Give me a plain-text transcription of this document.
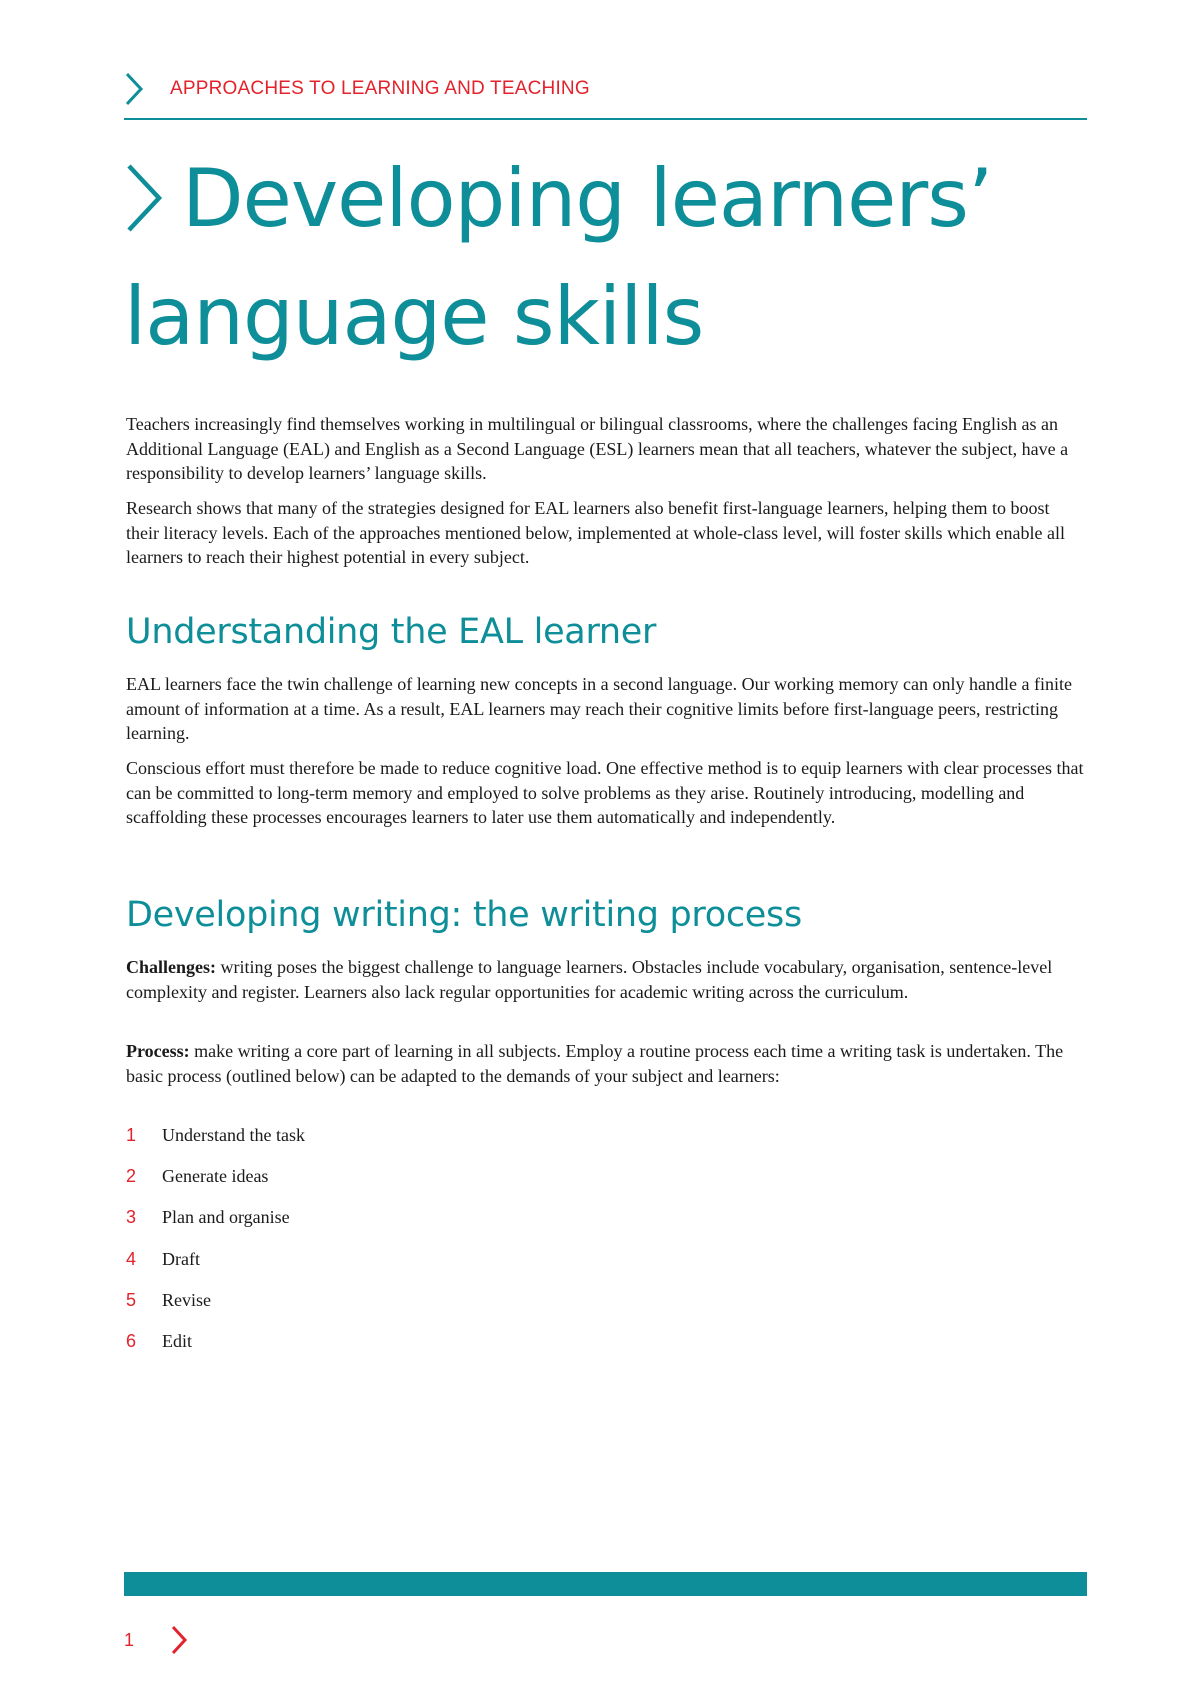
APPROACHES TO LEARNING AND TEACHING
Developing learners’
language skills

Teachers increasingly find themselves working in multilingual or bilingual classrooms, where the challenges facing English as an Additional Language (EAL) and English as a Second Language (ESL) learners mean that all teachers, whatever the subject, have a responsibility to develop learners’ language skills.

Research shows that many of the strategies designed for EAL learners also benefit first-language learners, helping them to boost their literacy levels. Each of the approaches mentioned below, implemented at whole-class level, will foster skills which enable all learners to reach their highest potential in every subject.

Understanding the EAL learner

EAL learners face the twin challenge of learning new concepts in a second language. Our working memory can only handle a finite amount of information at a time. As a result, EAL learners may reach their cognitive limits before first-language peers, restricting learning.

Conscious effort must therefore be made to reduce cognitive load. One effective method is to equip learners with clear processes that can be committed to long-term memory and employed to solve problems as they arise. Routinely introducing, modelling and scaffolding these processes encourages learners to later use them automatically and independently.

Developing writing: the writing process

Challenges: writing poses the biggest challenge to language learners. Obstacles include vocabulary, organisation, sentence-level complexity and register. Learners also lack regular opportunities for academic writing across the curriculum.

Process: make writing a core part of learning in all subjects. Employ a routine process each time a writing task is undertaken. The basic process (outlined below) can be adapted to the demands of your subject and learners:

1 Understand the task
2 Generate ideas
3 Plan and organise
4 Draft
5 Revise
6 Edit
1
